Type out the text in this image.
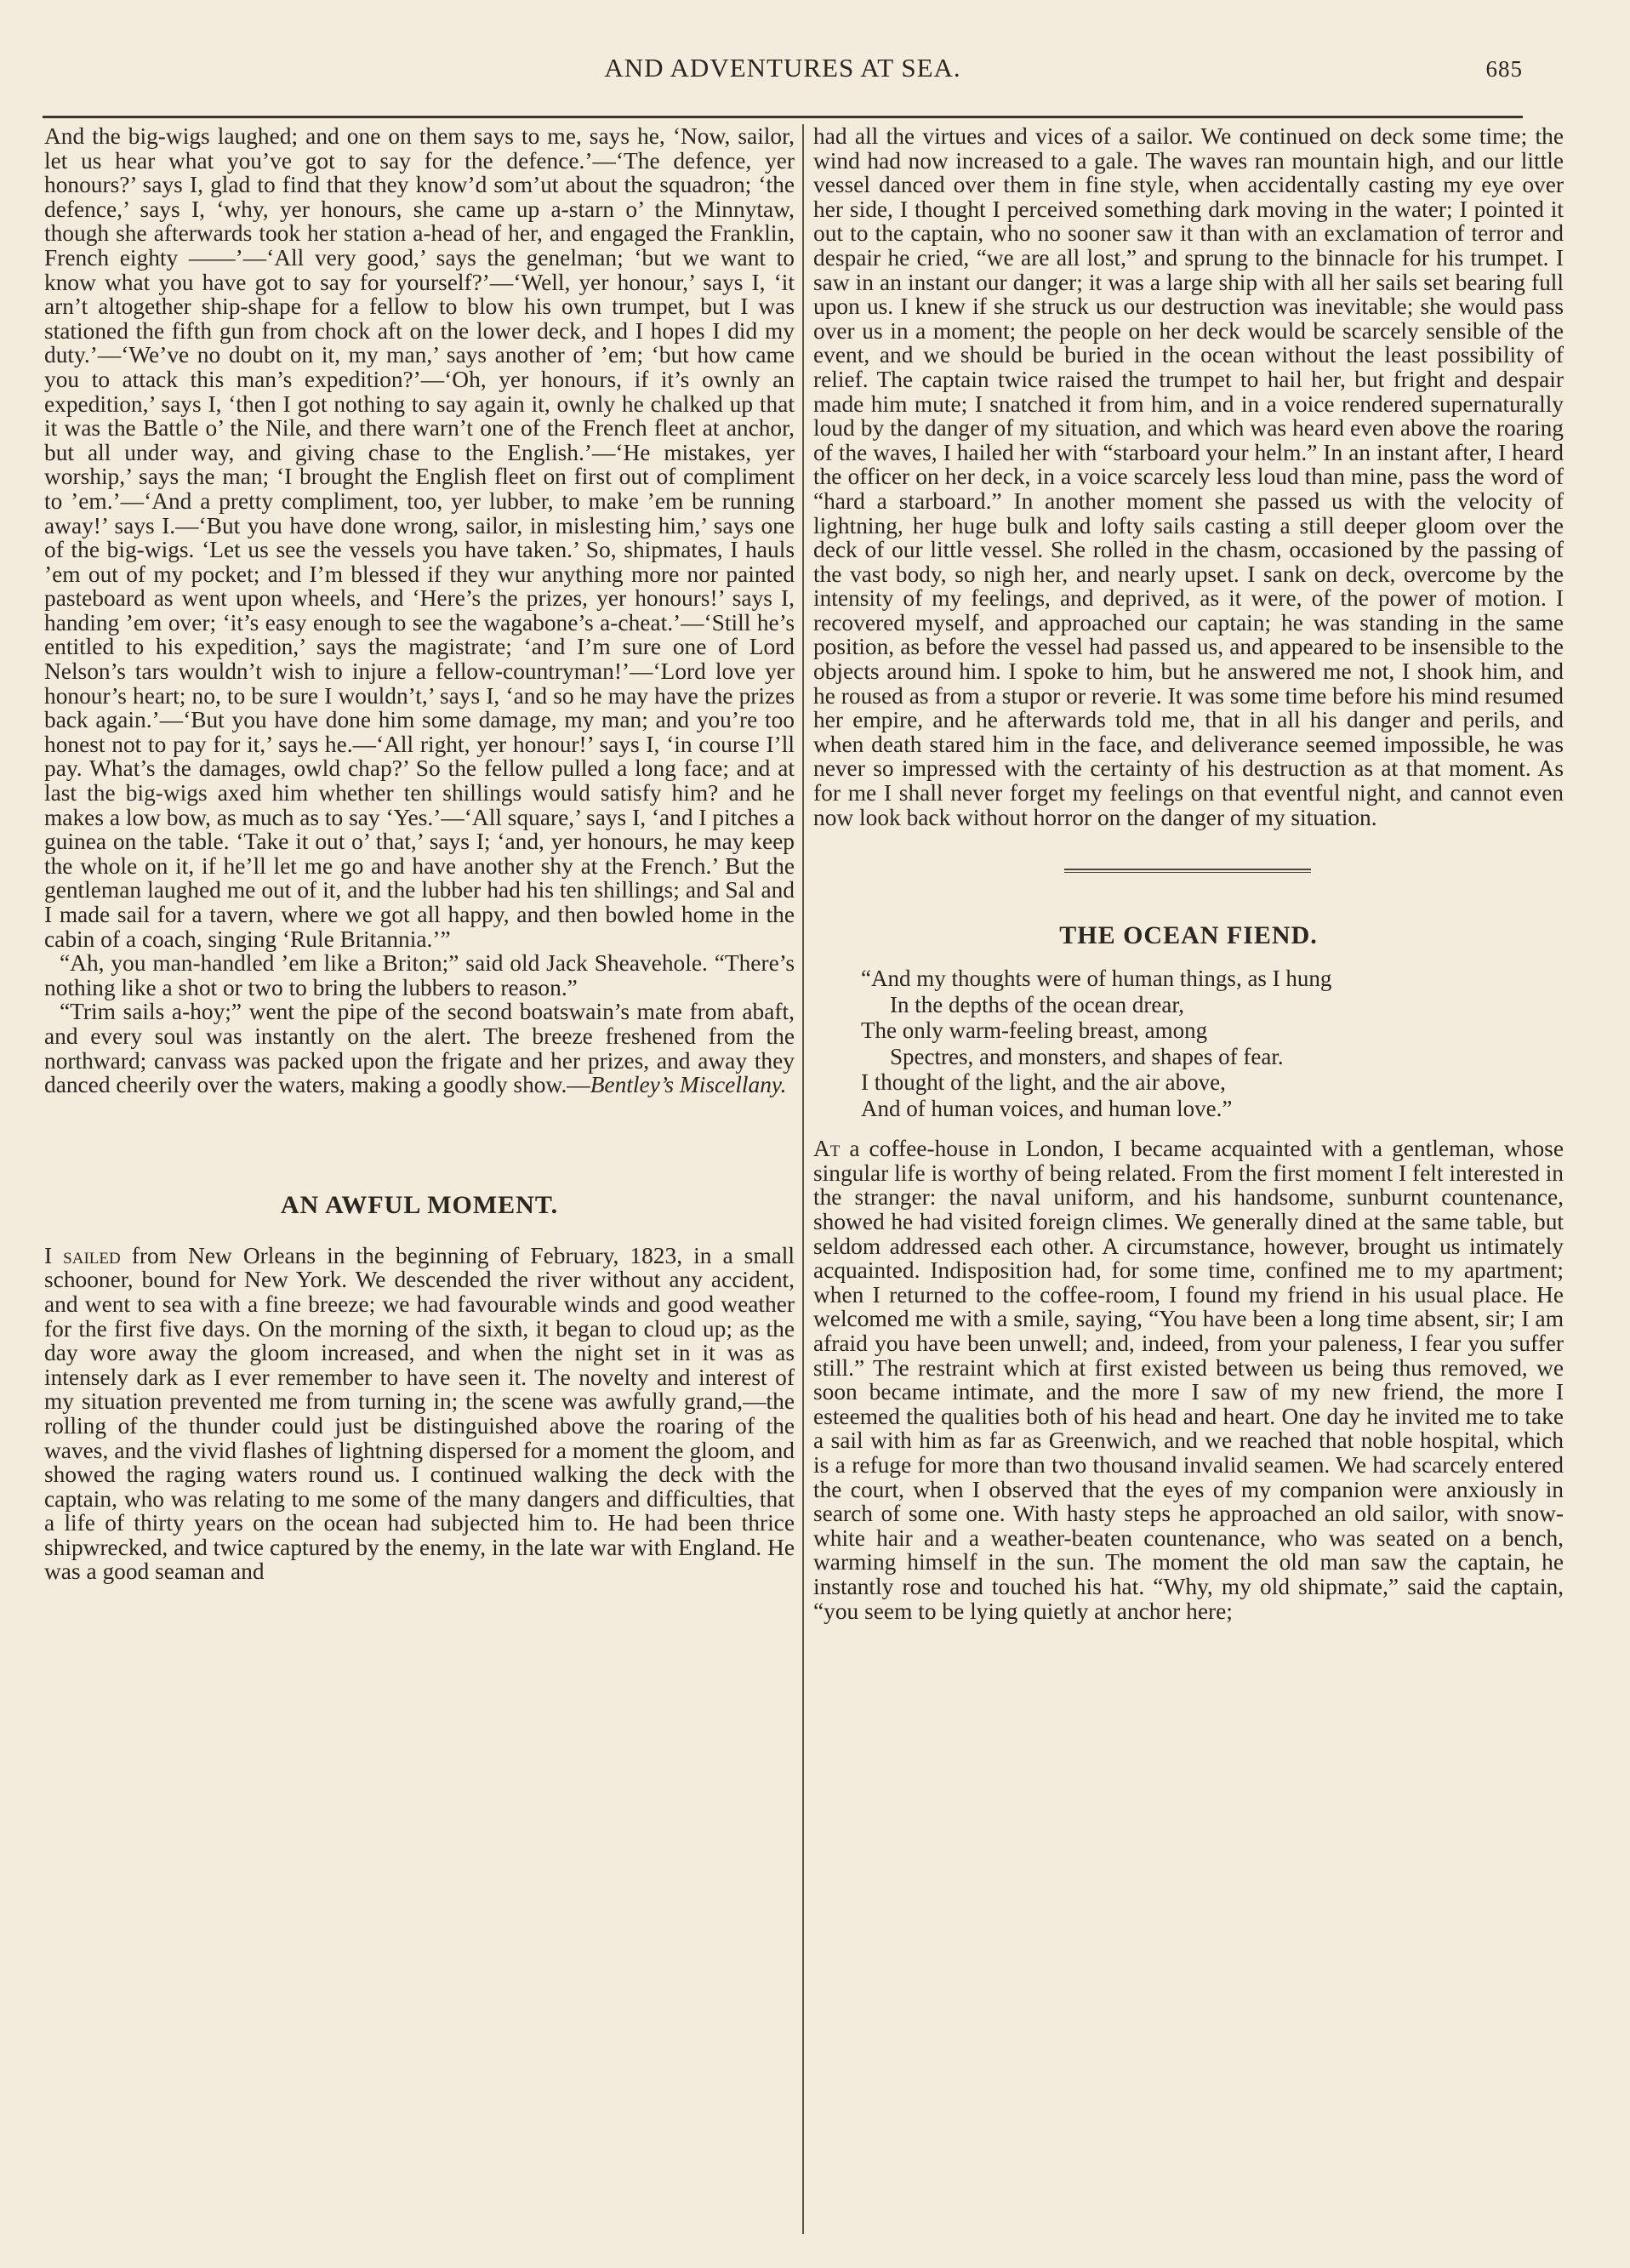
AND ADVENTURES AT SEA.	685

And the big-wigs laughed; and one on them says to me, says he, ‘Now, sailor, let us hear what you’ve got to say for the defence.’—‘The defence, yer honours?’ says I, glad to find that they know’d som’ut about the squadron; ‘the defence,’ says I, ‘why, yer honours, she came up a-starn o’ the Minnytaw, though she afterwards took her station a-head of her, and engaged the Franklin, French eighty ——’—‘All very good,’ says the genelman; ‘but we want to know what you have got to say for yourself?’—‘Well, yer honour,’ says I, ‘it arn’t altogether ship-shape for a fellow to blow his own trumpet, but I was stationed the fifth gun from chock aft on the lower deck, and I hopes I did my duty.’—‘We’ve no doubt on it, my man,’ says another of ’em; ‘but how came you to attack this man’s expedition?’—‘Oh, yer honours, if it’s ownly an expedition,’ says I, ‘then I got nothing to say again it, ownly he chalked up that it was the Battle o’ the Nile, and there warn’t one of the French fleet at anchor, but all under way, and giving chase to the English.’—‘He mistakes, yer worship,’ says the man; ‘I brought the English fleet on first out of compliment to ’em.’—‘And a pretty compliment, too, yer lubber, to make ’em be running away!’ says I.—‘But you have done wrong, sailor, in mislesting him,’ says one of the big-wigs. ‘Let us see the vessels you have taken.’ So, shipmates, I hauls ’em out of my pocket; and I’m blessed if they wur anything more nor painted pasteboard as went upon wheels, and ‘Here’s the prizes, yer honours!’ says I, handing ’em over; ‘it’s easy enough to see the wagabone’s a-cheat.’—‘Still he’s entitled to his expedition,’ says the magistrate; ‘and I’m sure one of Lord Nelson’s tars wouldn’t wish to injure a fellow-countryman!’—‘Lord love yer honour’s heart; no, to be sure I wouldn’t,’ says I, ‘and so he may have the prizes back again.’—‘But you have done him some damage, my man; and you’re too honest not to pay for it,’ says he.—‘All right, yer honour!’ says I, ‘in course I’ll pay. What’s the damages, owld chap?’ So the fellow pulled a long face; and at last the big-wigs axed him whether ten shillings would satisfy him? and he makes a low bow, as much as to say ‘Yes.’—‘All square,’ says I, ‘and I pitches a guinea on the table. ‘Take it out o’ that,’ says I; ‘and, yer honours, he may keep the whole on it, if he’ll let me go and have another shy at the French.’ But the gentleman laughed me out of it, and the lubber had his ten shillings; and Sal and I made sail for a tavern, where we got all happy, and then bowled home in the cabin of a coach, singing ‘Rule Britannia.’”

“Ah, you man-handled ’em like a Briton;” said old Jack Sheavehole. “There’s nothing like a shot or two to bring the lubbers to reason.”

“Trim sails a-hoy;” went the pipe of the second boatswain’s mate from abaft, and every soul was instantly on the alert. The breeze freshened from the northward; canvass was packed upon the frigate and her prizes, and away they danced cheerily over the waters, making a goodly show.—Bentley’s Miscellany.

AN AWFUL MOMENT.

I sailed from New Orleans in the beginning of February, 1823, in a small schooner, bound for New York. We descended the river without any accident, and went to sea with a fine breeze; we had favourable winds and good weather for the first five days. On the morning of the sixth, it began to cloud up; as the day wore away the gloom increased, and when the night set in it was as intensely dark as I ever remember to have seen it. The novelty and interest of my situation prevented me from turning in; the scene was awfully grand,—the rolling of the thunder could just be distinguished above the roaring of the waves, and the vivid flashes of lightning dispersed for a moment the gloom, and showed the raging waters round us. I continued walking the deck with the captain, who was relating to me some of the many dangers and difficulties, that a life of thirty years on the ocean had subjected him to. He had been thrice shipwrecked, and twice captured by the enemy, in the late war with England. He was a good seaman and

had all the virtues and vices of a sailor. We continued on deck some time; the wind had now increased to a gale. The waves ran mountain high, and our little vessel danced over them in fine style, when accidentally casting my eye over her side, I thought I perceived something dark moving in the water; I pointed it out to the captain, who no sooner saw it than with an exclamation of terror and despair he cried, “we are all lost,” and sprung to the binnacle for his trumpet. I saw in an instant our danger; it was a large ship with all her sails set bearing full upon us. I knew if she struck us our destruction was inevitable; she would pass over us in a moment; the people on her deck would be scarcely sensible of the event, and we should be buried in the ocean without the least possibility of relief. The captain twice raised the trumpet to hail her, but fright and despair made him mute; I snatched it from him, and in a voice rendered supernaturally loud by the danger of my situation, and which was heard even above the roaring of the waves, I hailed her with “starboard your helm.” In an instant after, I heard the officer on her deck, in a voice scarcely less loud than mine, pass the word of “hard a starboard.” In another moment she passed us with the velocity of lightning, her huge bulk and lofty sails casting a still deeper gloom over the deck of our little vessel. She rolled in the chasm, occasioned by the passing of the vast body, so nigh her, and nearly upset. I sank on deck, overcome by the intensity of my feelings, and deprived, as it were, of the power of motion. I recovered myself, and approached our captain; he was standing in the same position, as before the vessel had passed us, and appeared to be insensible to the objects around him. I spoke to him, but he answered me not, I shook him, and he roused as from a stupor or reverie. It was some time before his mind resumed her empire, and he afterwards told me, that in all his danger and perils, and when death stared him in the face, and deliverance seemed impossible, he was never so impressed with the certainty of his destruction as at that moment. As for me I shall never forget my feelings on that eventful night, and cannot even now look back without horror on the danger of my situation.

THE OCEAN FIEND.
“And my thoughts were of human things, as I hung
In the depths of the ocean drear,
The only warm-feeling breast, among
Spectres, and monsters, and shapes of fear.
I thought of the light, and the air above,
And of human voices, and human love.”

At a coffee-house in London, I became acquainted with a gentleman, whose singular life is worthy of being related. From the first moment I felt interested in the stranger: the naval uniform, and his handsome, sunburnt countenance, showed he had visited foreign climes. We generally dined at the same table, but seldom addressed each other. A circumstance, however, brought us intimately acquainted. Indisposition had, for some time, confined me to my apartment; when I returned to the coffee-room, I found my friend in his usual place. He welcomed me with a smile, saying, “You have been a long time absent, sir; I am afraid you have been unwell; and, indeed, from your paleness, I fear you suffer still.” The restraint which at first existed between us being thus removed, we soon became intimate, and the more I saw of my new friend, the more I esteemed the qualities both of his head and heart. One day he invited me to take a sail with him as far as Greenwich, and we reached that noble hospital, which is a refuge for more than two thousand invalid seamen. We had scarcely entered the court, when I observed that the eyes of my companion were anxiously in search of some one. With hasty steps he approached an old sailor, with snow-white hair and a weather-beaten countenance, who was seated on a bench, warming himself in the sun. The moment the old man saw the captain, he instantly rose and touched his hat. “Why, my old shipmate,” said the captain, “you seem to be lying quietly at anchor here;
